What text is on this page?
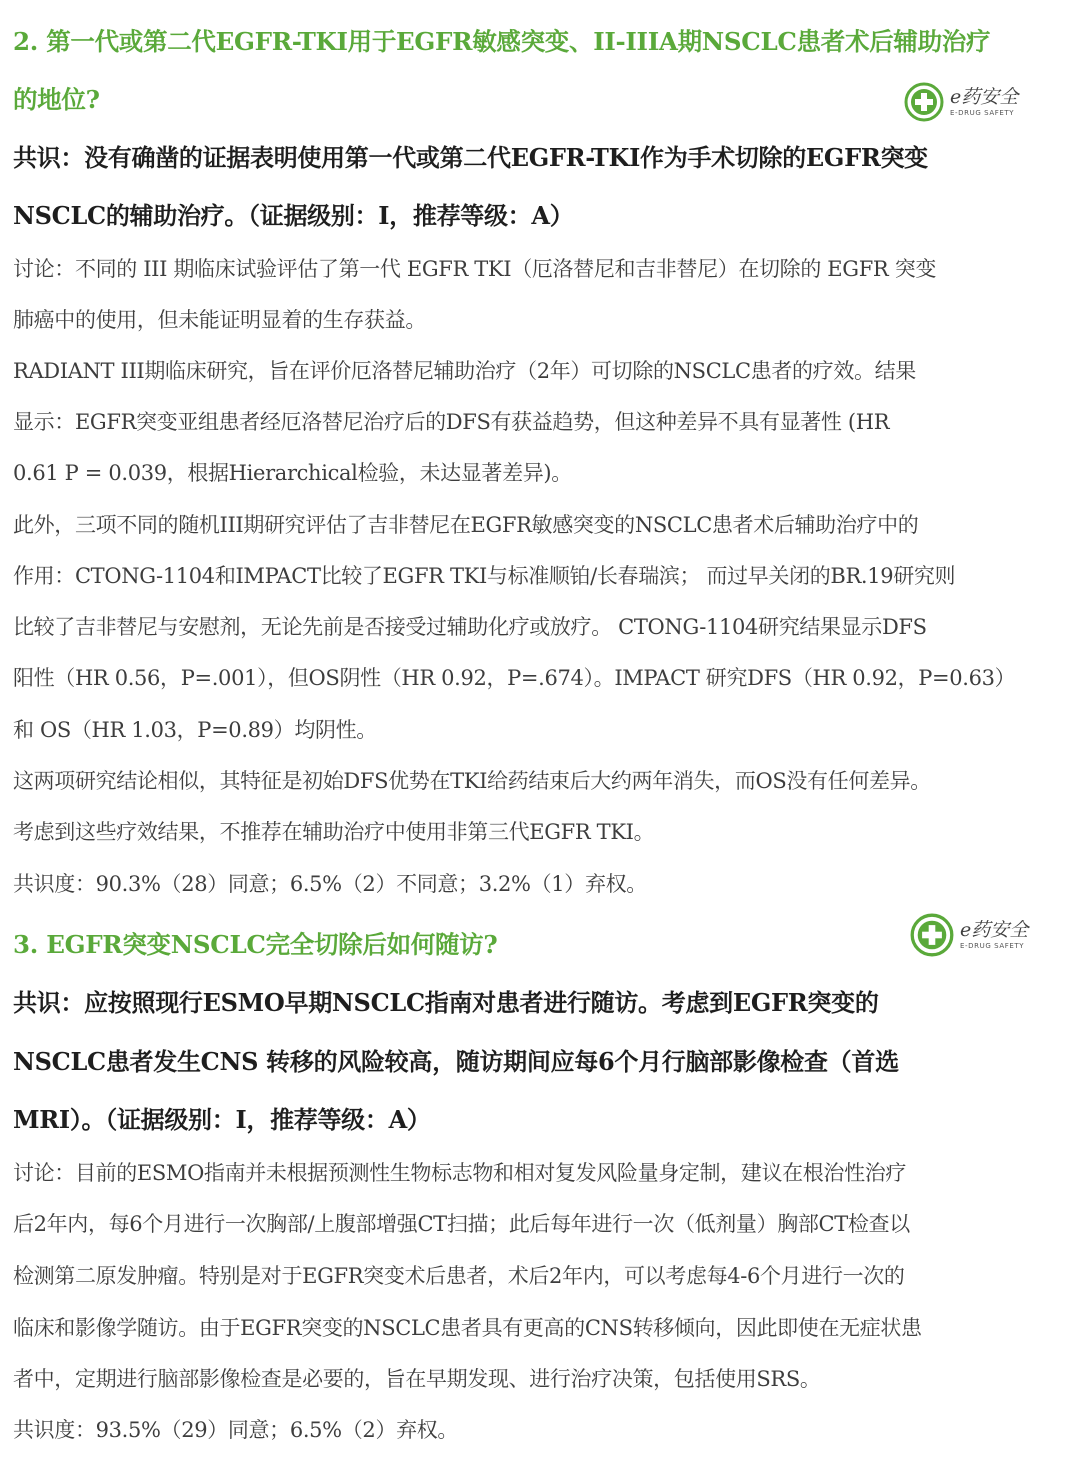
2. 第一代或第二代EGFR-TKI用于EGFR敏感突变、II-IIIA期NSCLC患者术后辅助治疗
的地位?	e药安全
E-DRUG SAFETY
共识：没有确凿的证据表明使用第一代或第二代EGFR-TKI作为手术切除的EGFR突变
NSCLC的辅助治疗。（证据级别：I，推荐等级：A）
讨论：不同的 III 期临床试验评估了第一代 EGFR TKI（厄洛替尼和吉非替尼）在切除的 EGFR 突变
肺癌中的使用，但未能证明显着的生存获益。
RADIANT III期临床研究，旨在评价厄洛替尼辅助治疗（2年）可切除的NSCLC患者的疗效。结果
显示：EGFR突变亚组患者经厄洛替尼治疗后的DFS有获益趋势，但这种差异不具有显著性 (HR
0.61 P = 0.039，根据Hierarchical检验，未达显著差异)。
此外，三项不同的随机III期研究评估了吉非替尼在EGFR敏感突变的NSCLC患者术后辅助治疗中的
作用：CTONG-1104和IMPACT比较了EGFR TKI与标准顺铂/长春瑞滨； 而过早关闭的BR.19研究则
比较了吉非替尼与安慰剂，无论先前是否接受过辅助化疗或放疗。 CTONG-1104研究结果显示DFS
阳性（HR 0.56，P=.001），但OS阴性（HR 0.92，P=.674）。IMPACT 研究DFS（HR 0.92，P=0.63）
和 OS（HR 1.03，P=0.89）均阴性。
这两项研究结论相似，其特征是初始DFS优势在TKI给药结束后大约两年消失，而OS没有任何差异。
考虑到这些疗效结果，不推荐在辅助治疗中使用非第三代EGFR TKI。
共识度：90.3%（28）同意；6.5%（2）不同意；3.2%（1）弃权。
3. EGFR突变NSCLC完全切除后如何随访?
e药安全
E-DRUG SAFETY
共识：应按照现行ESMO早期NSCLC指南对患者进行随访。考虑到EGFR突变的
NSCLC患者发生CNS 转移的风险较高，随访期间应每6个月行脑部影像检查（首选
MRI）。（证据级别：I，推荐等级：A）
讨论：目前的ESMO指南并未根据预测性生物标志物和相对复发风险量身定制，建议在根治性治疗
后2年内，每6个月进行一次胸部/上腹部增强CT扫描；此后每年进行一次（低剂量）胸部CT检查以
检测第二原发肿瘤。特别是对于EGFR突变术后患者，术后2年内，可以考虑每4-6个月进行一次的
临床和影像学随访。由于EGFR突变的NSCLC患者具有更高的CNS转移倾向，因此即使在无症状患
者中，定期进行脑部影像检查是必要的，旨在早期发现、进行治疗决策，包括使用SRS。
共识度：93.5%（29）同意；6.5%（2）弃权。
